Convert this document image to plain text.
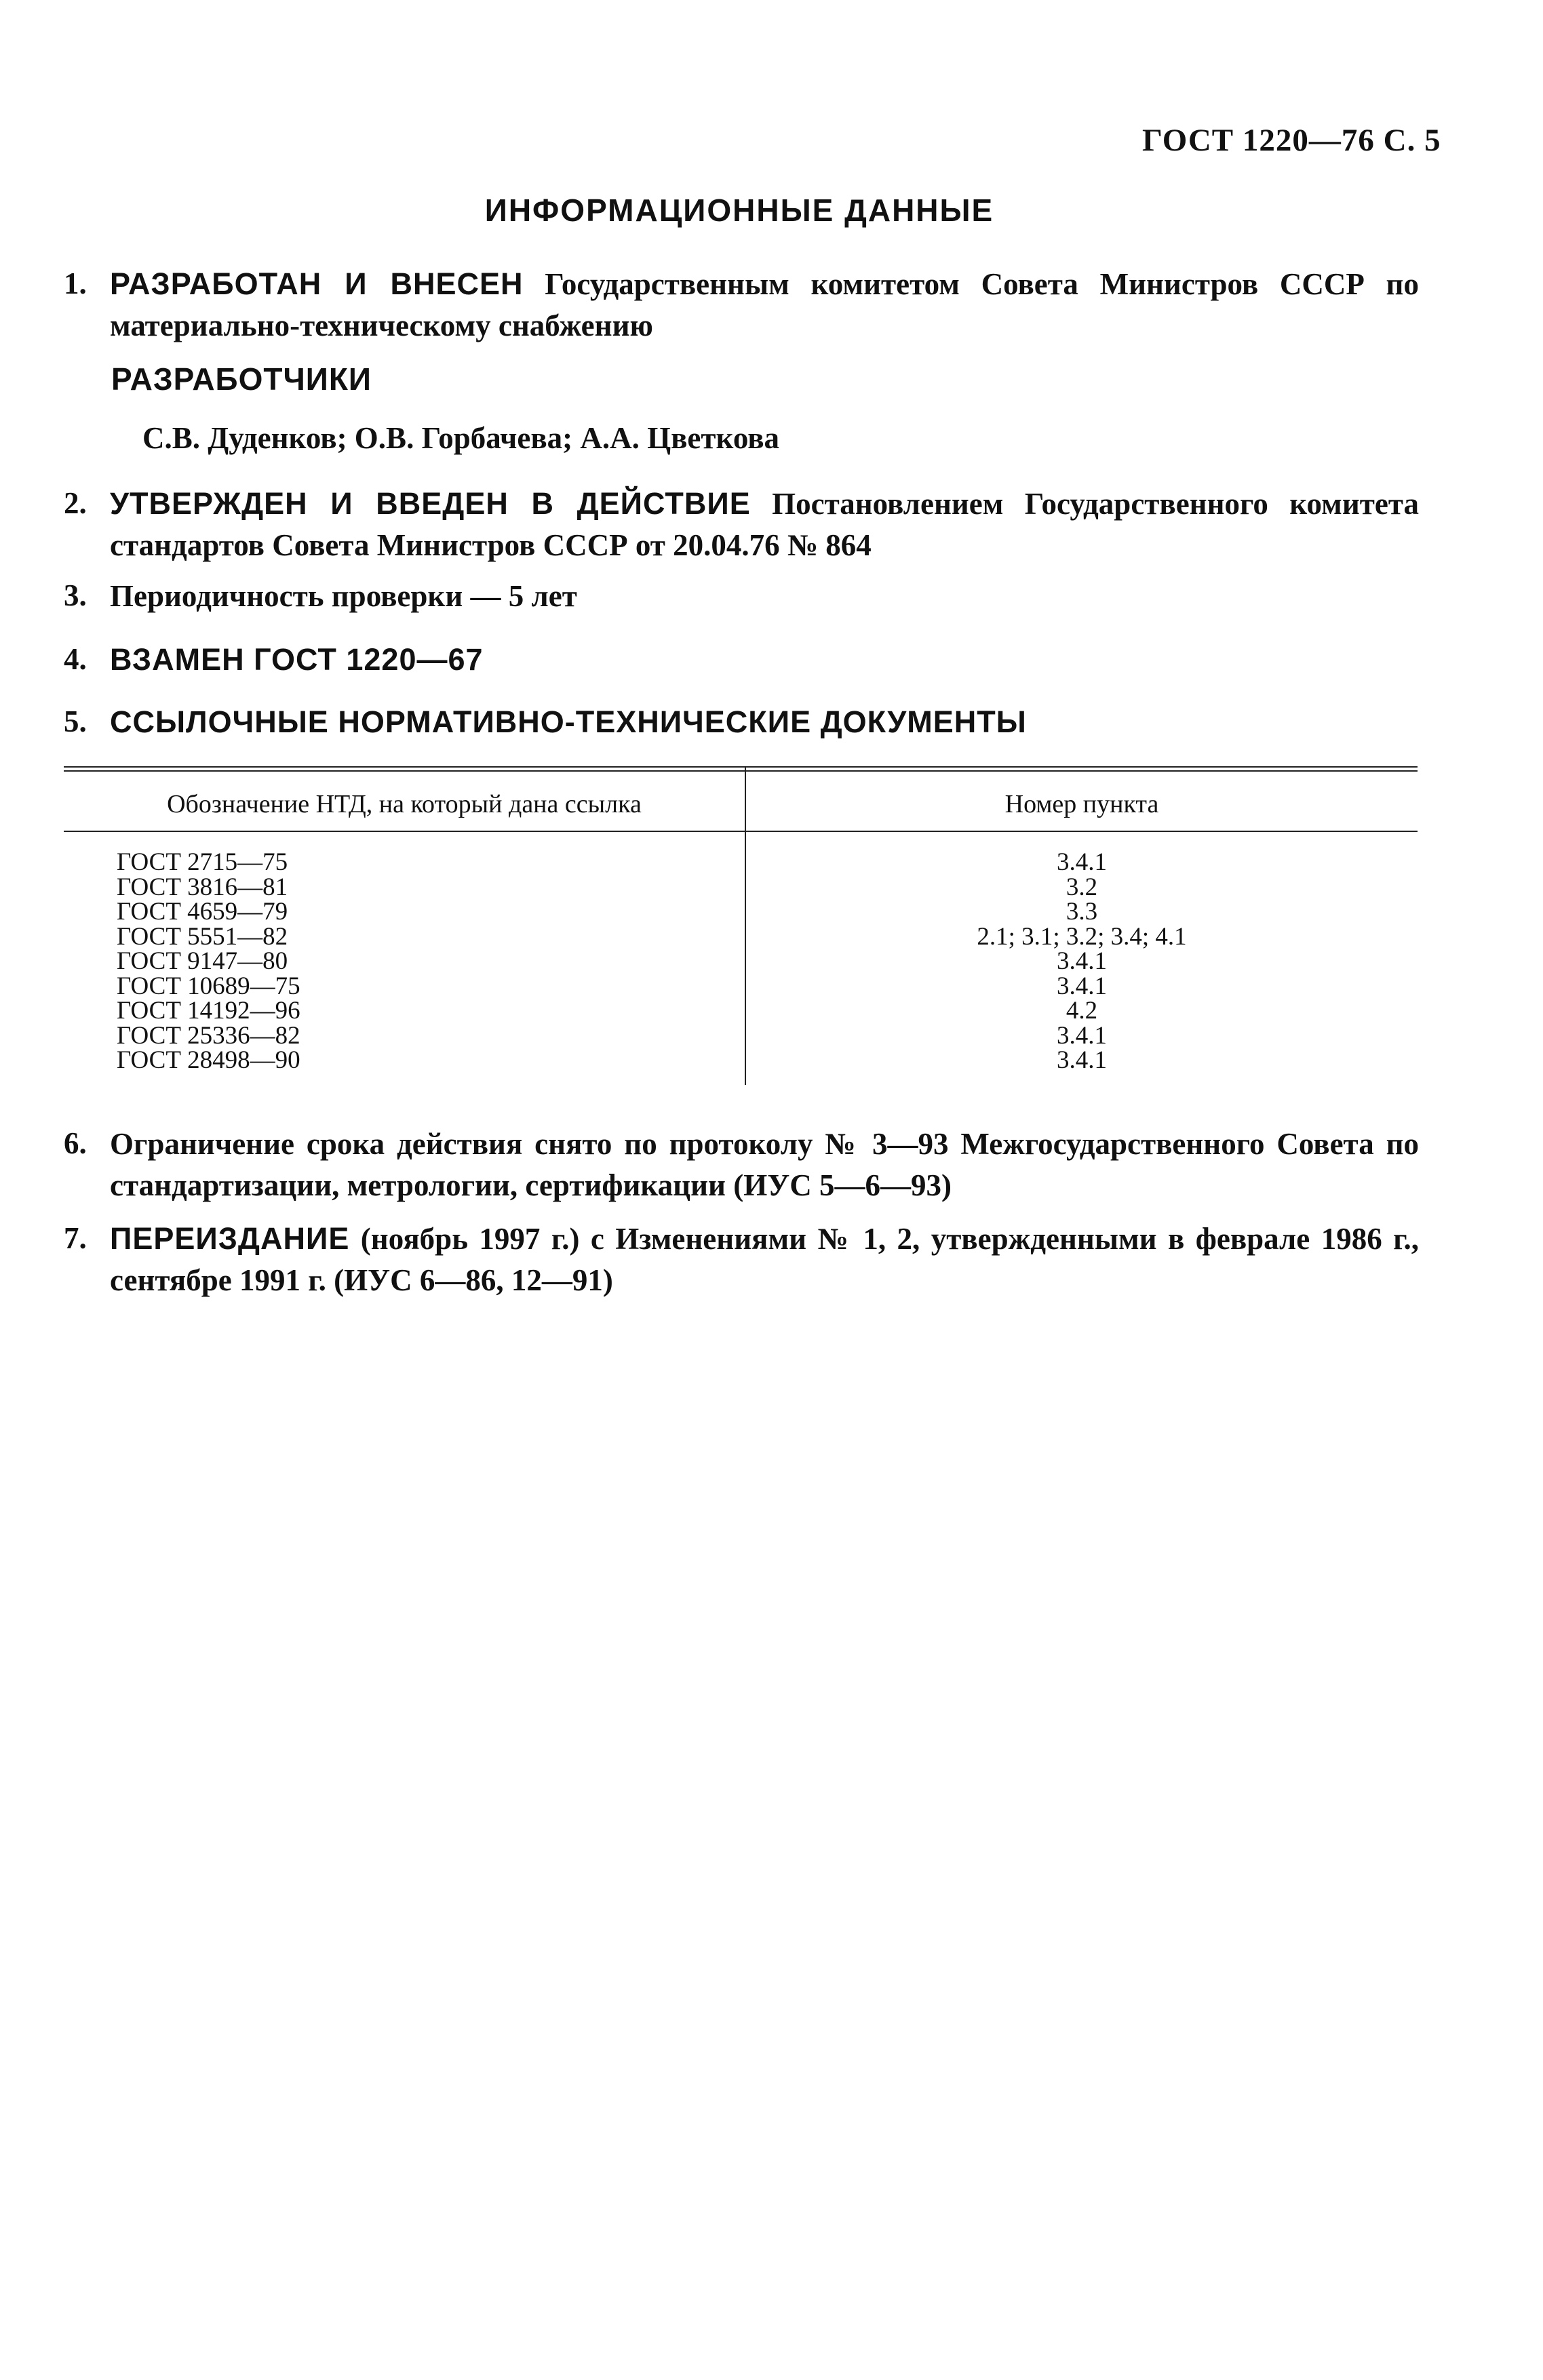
ГОСТ 1220—76 С. 5
ИНФОРМАЦИОННЫЕ ДАННЫЕ
1. РАЗРАБОТАН И ВНЕСЕН Государственным комитетом Совета Министров СССР по материально-техническому снабжению
РАЗРАБОТЧИКИ
С.В. Дуденков; О.В. Горбачева; А.А. Цветкова
2. УТВЕРЖДЕН И ВВЕДЕН В ДЕЙСТВИЕ Постановлением Государственного комитета стандартов Совета Министров СССР от 20.04.76 № 864
3. Периодичность проверки — 5 лет
4. ВЗАМЕН ГОСТ 1220—67
5. ССЫЛОЧНЫЕ НОРМАТИВНО-ТЕХНИЧЕСКИЕ ДОКУМЕНТЫ
Обозначение НТД, на который дана ссылка	Номер пункта
ГОСТ 2715—75	3.4.1
ГОСТ 3816—81	3.2
ГОСТ 4659—79	3.3
ГОСТ 5551—82	2.1; 3.1; 3.2; 3.4; 4.1
ГОСТ 9147—80	3.4.1
ГОСТ 10689—75	3.4.1
ГОСТ 14192—96	4.2
ГОСТ 25336—82	3.4.1
ГОСТ 28498—90	3.4.1
6. Ограничение срока действия снято по протоколу № 3—93 Межгосударственного Совета по стандартизации, метрологии, сертификации (ИУС 5—6—93)
7. ПЕРЕИЗДАНИЕ (ноябрь 1997 г.) с Изменениями № 1, 2, утвержденными в феврале 1986 г., сентябре 1991 г. (ИУС 6—86, 12—91)
